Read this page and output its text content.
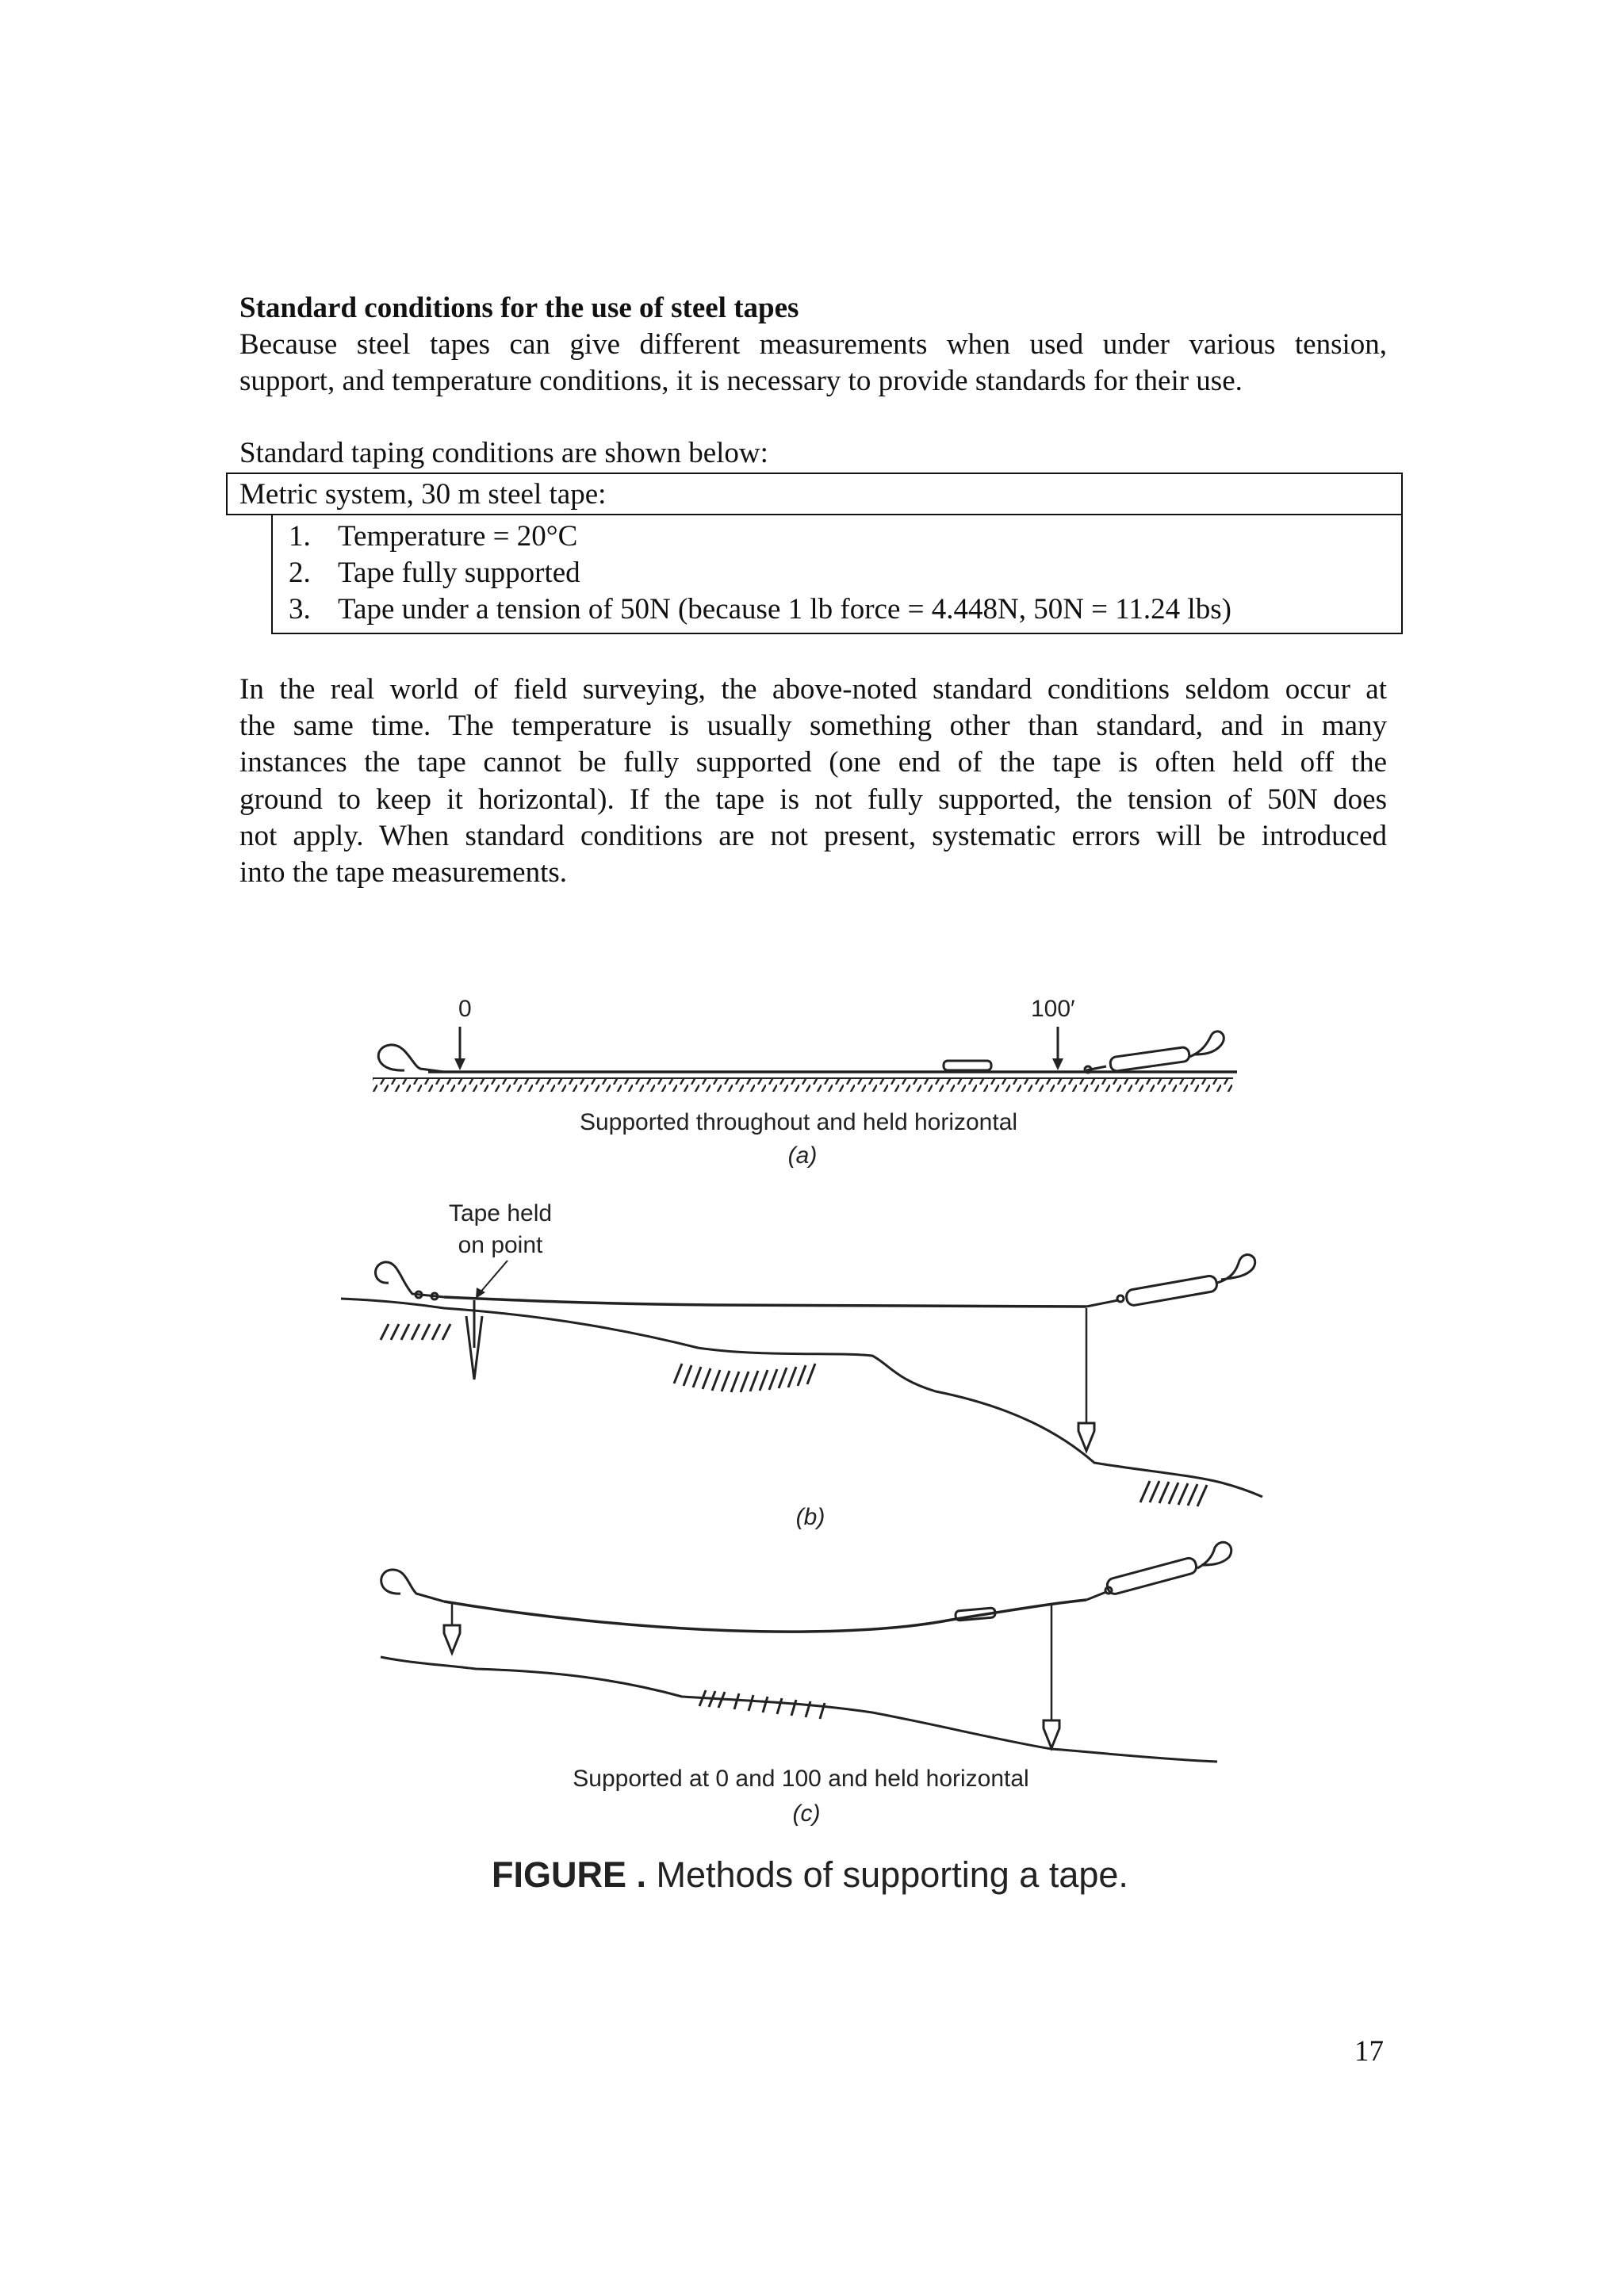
Standard conditions for the use of steel tapes
Because steel tapes can give different measurements when used under various tension,
support, and temperature conditions, it is necessary to provide standards for their use.
Standard taping conditions are shown below:
Metric system, 30 m steel tape:
1. Temperature = 20°C
2. Tape fully supported
3. Tape under a tension of 50N (because 1 lb force = 4.448N, 50N = 11.24 lbs)
In the real world of field surveying, the above-noted standard conditions seldom occur at
the same time. The temperature is usually something other than standard, and in many
instances the tape cannot be fully supported (one end of the tape is often held off the
ground to keep it horizontal). If the tape is not fully supported, the tension of 50N does
not apply. When standard conditions are not present, systematic errors will be introduced
into the tape measurements.
0	100′
Supported throughout and held horizontal
(a)
Tape held
on point
(b)
Supported at 0 and 100 and held horizontal
(c)
FIGURE . Methods of supporting a tape.
17
